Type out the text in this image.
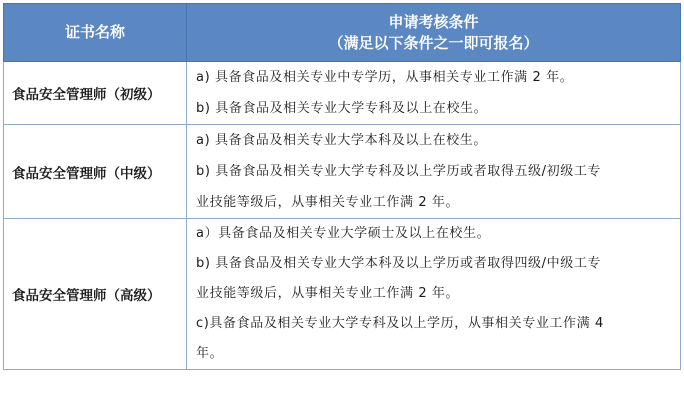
证书名称	申请考核条件
（满足以下条件之一即可报名）

食品安全管理师（初级）	a) 具备食品及相关专业中专学历，从事相关专业工作满 2 年。
b) 具备食品及相关专业大学专科及以上在校生。

食品安全管理师（中级）	a) 具备食品及相关专业大学本科及以上在校生。
b) 具备食品及相关专业大学专科及以上学历或者取得五级/初级工专
业技能等级后，从事相关专业工作满 2 年。

食品安全管理师（高级）	a）具备食品及相关专业大学硕士及以上在校生。
b) 具备食品及相关专业大学本科及以上学历或者取得四级/中级工专
业技能等级后，从事相关专业工作满 2 年。
c)具备食品及相关专业大学专科及以上学历，从事相关专业工作满 4
年。
